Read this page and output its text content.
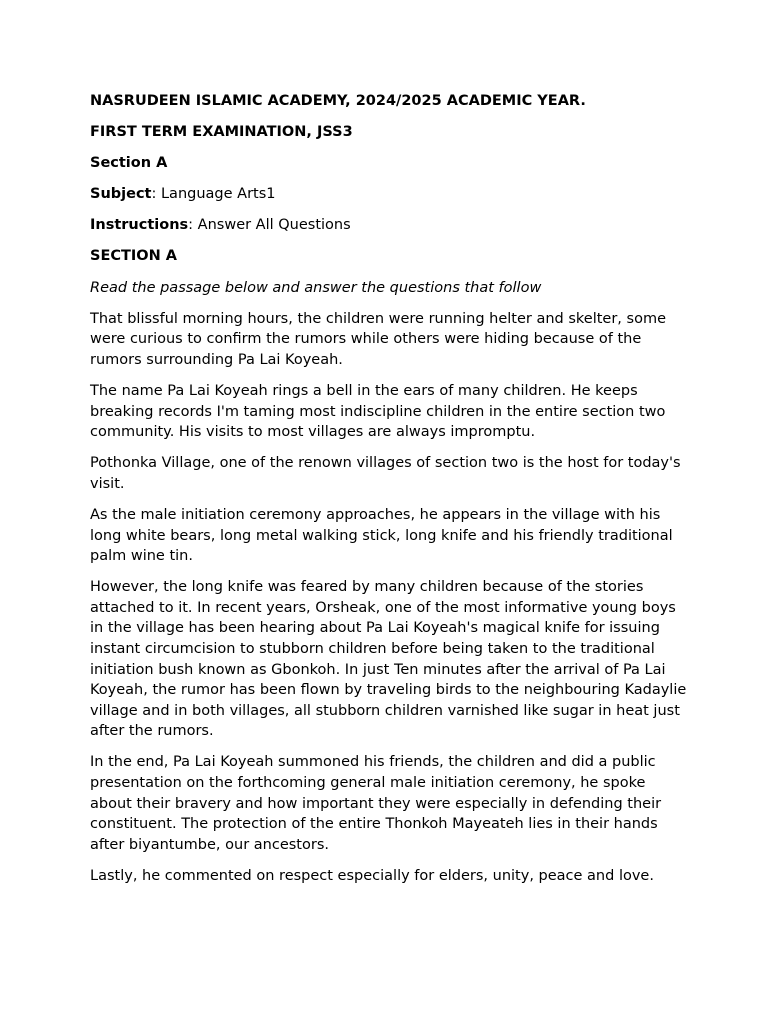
NASRUDEEN ISLAMIC ACADEMY, 2024/2025 ACADEMIC YEAR.

FIRST TERM EXAMINATION, JSS3

Section A

Subject: Language Arts1

Instructions: Answer All Questions

SECTION A

Read the passage below and answer the questions that follow

That blissful morning hours, the children were running helter and skelter, some were curious to confirm the rumors while others were hiding because of the rumors surrounding Pa Lai Koyeah.

The name Pa Lai Koyeah rings a bell in the ears of many children. He keeps breaking records I'm taming most indiscipline children in the entire section two community. His visits to most villages are always impromptu.

Pothonka Village, one of the renown villages of section two is the host for today's visit.

As the male initiation ceremony approaches, he appears in the village with his long white bears, long metal walking stick, long knife and his friendly traditional palm wine tin.

However, the long knife was feared by many children because of the stories attached to it. In recent years, Orsheak, one of the most informative young boys in the village has been hearing about Pa Lai Koyeah's magical knife for issuing instant circumcision to stubborn children before being taken to the traditional initiation bush known as Gbonkoh. In just Ten minutes after the arrival of Pa Lai Koyeah, the rumor has been flown by traveling birds to the neighbouring Kadaylie village and in both villages, all stubborn children varnished like sugar in heat just after the rumors.

In the end, Pa Lai Koyeah summoned his friends, the children and did a public presentation on the forthcoming general male initiation ceremony, he spoke about their bravery and how important they were especially in defending their constituent. The protection of the entire Thonkoh Mayeateh lies in their hands after biyantumbe, our ancestors.

Lastly, he commented on respect especially for elders, unity, peace and love.
